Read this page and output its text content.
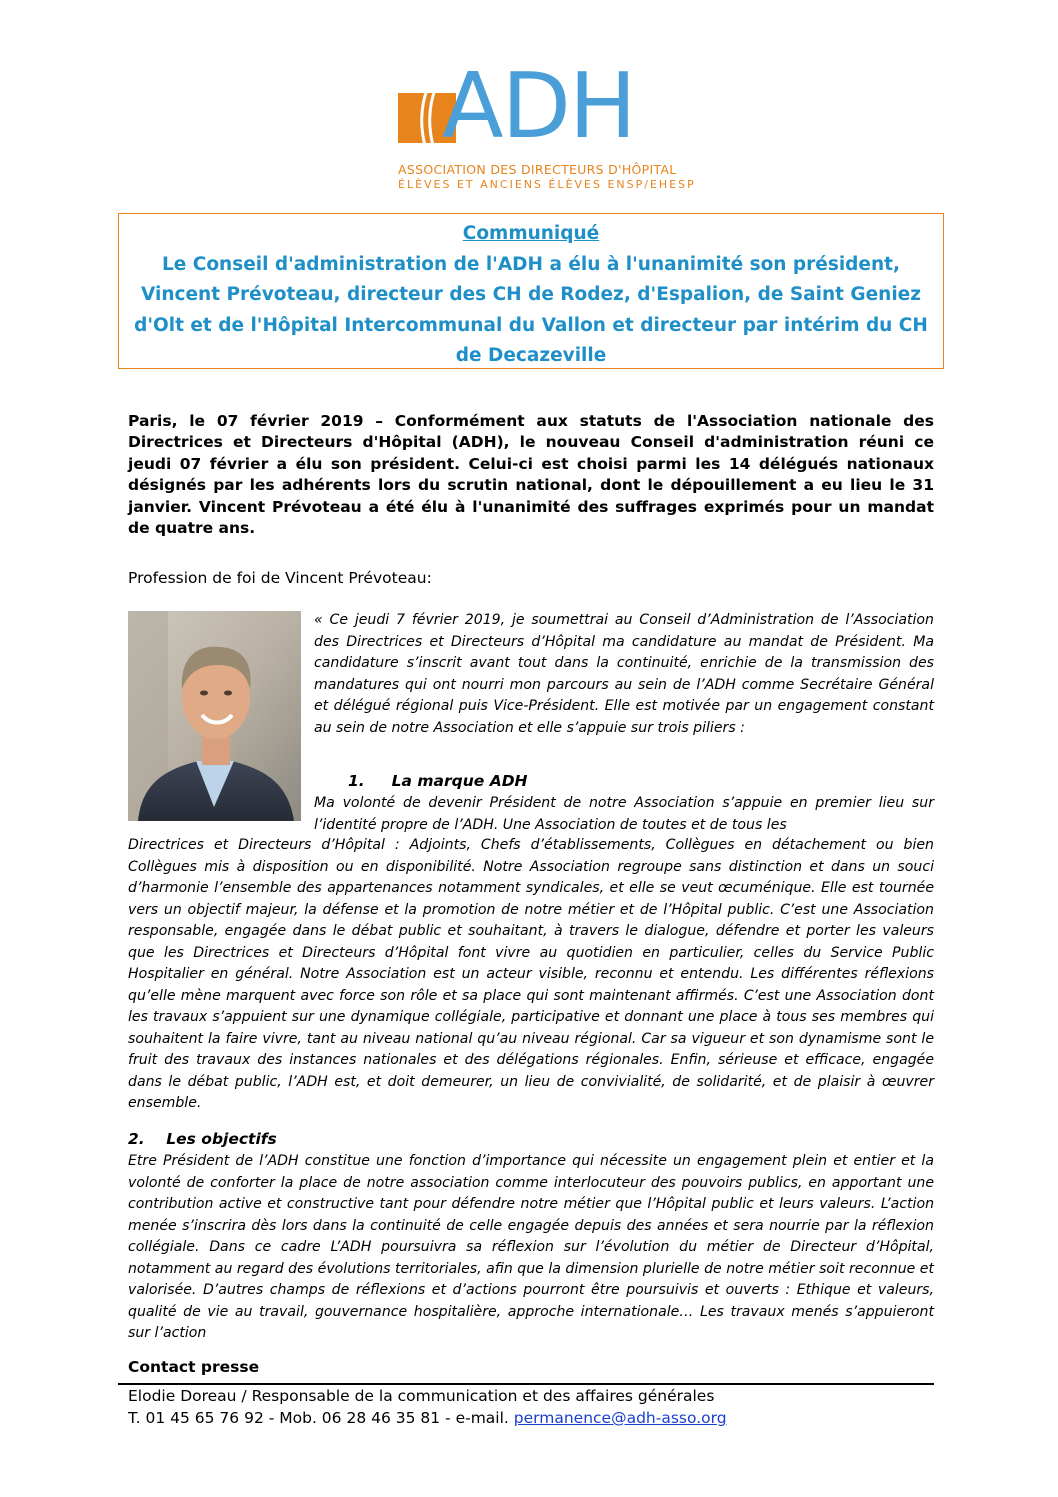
ADH
ASSOCIATION DES DIRECTEURS D'HÔPITAL
ÉLÈVES ET ANCIENS ÉLÈVES ENSP/EHESP
Communiqué
Le Conseil d'administration de l'ADH a élu à l'unanimité son président,
Vincent Prévoteau, directeur des CH de Rodez, d'Espalion, de Saint Geniez
d'Olt et de l'Hôpital Intercommunal du Vallon et directeur par intérim du CH
de Decazeville
Paris, le 07 février 2019 – Conformément aux statuts de l'Association nationale des Directrices et Directeurs d'Hôpital (ADH), le nouveau Conseil d'administration réuni ce jeudi 07 février a élu son président. Celui-ci est choisi parmi les 14 délégués nationaux désignés par les adhérents lors du scrutin national, dont le dépouillement a eu lieu le 31 janvier. Vincent Prévoteau a été élu à l'unanimité des suffrages exprimés pour un mandat de quatre ans.
Profession de foi de Vincent Prévoteau:
« Ce jeudi 7 février 2019, je soumettrai au Conseil d’Administration de l’Association des Directrices et Directeurs d’Hôpital ma candidature au mandat de Président. Ma candidature s’inscrit avant tout dans la continuité, enrichie de la transmission des mandatures qui ont nourri mon parcours au sein de l’ADH comme Secrétaire Général et délégué régional puis Vice-Président. Elle est motivée par un engagement constant au sein de notre Association et elle s’appuie sur trois piliers :
1. La marque ADH
Ma volonté de devenir Président de notre Association s’appuie en premier lieu sur l’identité propre de l’ADH. Une Association de toutes et de tous les
Directrices et Directeurs d’Hôpital : Adjoints, Chefs d’établissements, Collègues en détachement ou bien Collègues mis à disposition ou en disponibilité. Notre Association regroupe sans distinction et dans un souci d’harmonie l’ensemble des appartenances notamment syndicales, et elle se veut œcuménique. Elle est tournée vers un objectif majeur, la défense et la promotion de notre métier et de l’Hôpital public. C’est une Association responsable, engagée dans le débat public et souhaitant, à travers le dialogue, défendre et porter les valeurs que les Directrices et Directeurs d’Hôpital font vivre au quotidien en particulier, celles du Service Public Hospitalier en général. Notre Association est un acteur visible, reconnu et entendu. Les différentes réflexions qu’elle mène marquent avec force son rôle et sa place qui sont maintenant affirmés. C’est une Association dont les travaux s’appuient sur une dynamique collégiale, participative et donnant une place à tous ses membres qui souhaitent la faire vivre, tant au niveau national qu’au niveau régional. Car sa vigueur et son dynamisme sont le fruit des travaux des instances nationales et des délégations régionales. Enfin, sérieuse et efficace, engagée dans le débat public, l’ADH est, et doit demeurer, un lieu de convivialité, de solidarité, et de plaisir à œuvrer ensemble.
2. Les objectifs
Etre Président de l’ADH constitue une fonction d’importance qui nécessite un engagement plein et entier et la volonté de conforter la place de notre association comme interlocuteur des pouvoirs publics, en apportant une contribution active et constructive tant pour défendre notre métier que l’Hôpital public et leurs valeurs. L’action menée s’inscrira dès lors dans la continuité de celle engagée depuis des années et sera nourrie par la réflexion collégiale. Dans ce cadre L’ADH poursuivra sa réflexion sur l’évolution du métier de Directeur d’Hôpital, notamment au regard des évolutions territoriales, afin que la dimension plurielle de notre métier soit reconnue et valorisée. D’autres champs de réflexions et d’actions pourront être poursuivis et ouverts : Ethique et valeurs, qualité de vie au travail, gouvernance hospitalière, approche internationale… Les travaux menés s’appuieront sur l’action
Contact presse
Elodie Doreau / Responsable de la communication et des affaires générales
T. 01 45 65 76 92 - Mob. 06 28 46 35 81 - e-mail. permanence@adh-asso.org
